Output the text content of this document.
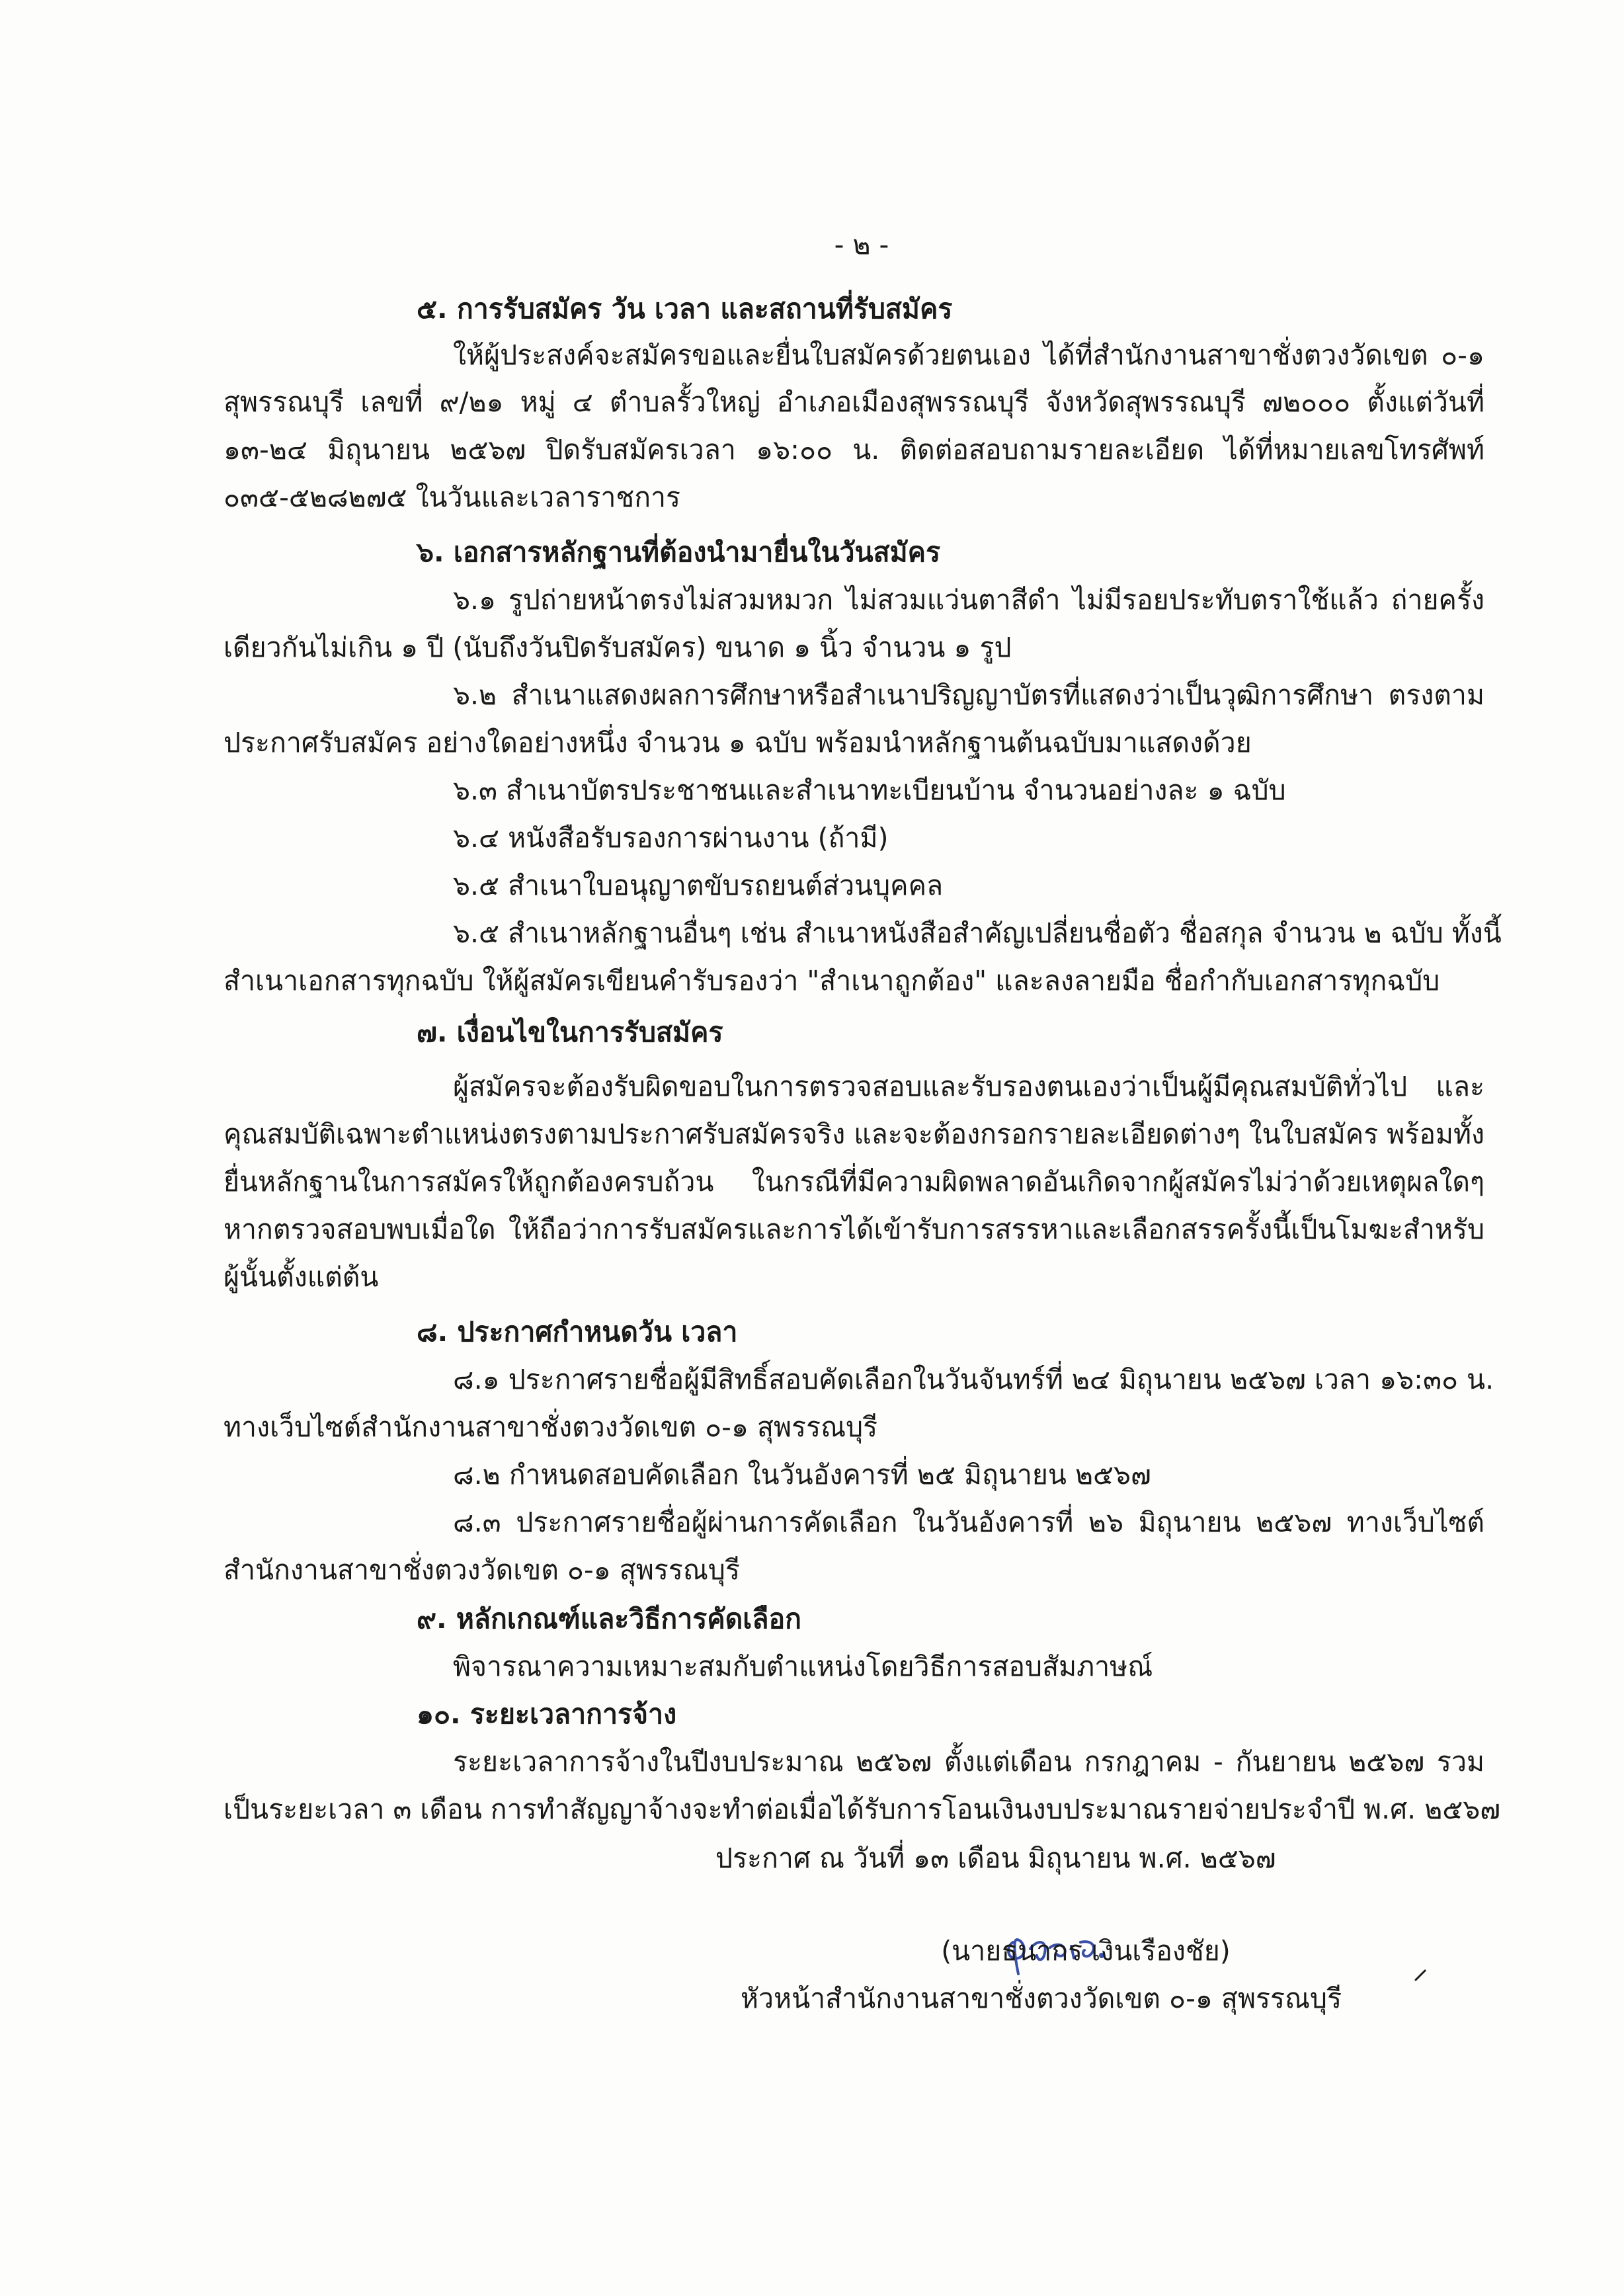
- ๒ -
๕. การรับสมัคร วัน เวลา และสถานที่รับสมัคร
ให้ผู้ประสงค์จะสมัครขอและยื่นใบสมัครด้วยตนเอง ได้ที่สำนักงานสาขาชั่งตวงวัดเขต ๐-๑
สุพรรณบุรี เลขที่ ๙/๒๑ หมู่ ๔ ตำบลรั้วใหญ่ อำเภอเมืองสุพรรณบุรี จังหวัดสุพรรณบุรี ๗๒๐๐๐ ตั้งแต่วันที่
๑๓-๒๔ มิถุนายน ๒๕๖๗ ปิดรับสมัครเวลา ๑๖:๐๐ น. ติดต่อสอบถามรายละเอียด ได้ที่หมายเลขโทรศัพท์
๐๓๕-๕๒๘๒๗๕ ในวันและเวลาราชการ
๖. เอกสารหลักฐานที่ต้องนำมายื่นในวันสมัคร
๖.๑ รูปถ่ายหน้าตรงไม่สวมหมวก ไม่สวมแว่นตาสีดำ ไม่มีรอยประทับตราใช้แล้ว ถ่ายครั้ง
เดียวกันไม่เกิน ๑ ปี (นับถึงวันปิดรับสมัคร) ขนาด ๑ นิ้ว จำนวน ๑ รูป
๖.๒ สำเนาแสดงผลการศึกษาหรือสำเนาปริญญาบัตรที่แสดงว่าเป็นวุฒิการศึกษา ตรงตาม
ประกาศรับสมัคร อย่างใดอย่างหนึ่ง จำนวน ๑ ฉบับ พร้อมนำหลักฐานต้นฉบับมาแสดงด้วย
๖.๓ สำเนาบัตรประชาชนและสำเนาทะเบียนบ้าน จำนวนอย่างละ ๑ ฉบับ
๖.๔ หนังสือรับรองการผ่านงาน (ถ้ามี)
๖.๕ สำเนาใบอนุญาตขับรถยนต์ส่วนบุคคล
๖.๕ สำเนาหลักฐานอื่นๆ เช่น สำเนาหนังสือสำคัญเปลี่ยนชื่อตัว ชื่อสกุล จำนวน ๒ ฉบับ ทั้งนี้
สำเนาเอกสารทุกฉบับ ให้ผู้สมัครเขียนคำรับรองว่า "สำเนาถูกต้อง" และลงลายมือ ชื่อกำกับเอกสารทุกฉบับ
๗. เงื่อนไขในการรับสมัคร
ผู้สมัครจะต้องรับผิดขอบในการตรวจสอบและรับรองตนเองว่าเป็นผู้มีคุณสมบัติทั่วไป และ
คุณสมบัติเฉพาะตำแหน่งตรงตามประกาศรับสมัครจริง และจะต้องกรอกรายละเอียดต่างๆ ในใบสมัคร พร้อมทั้ง
ยื่นหลักฐานในการสมัครให้ถูกต้องครบถ้วน ในกรณีที่มีความผิดพลาดอันเกิดจากผู้สมัครไม่ว่าด้วยเหตุผลใดๆ
หากตรวจสอบพบเมื่อใด ให้ถือว่าการรับสมัครและการได้เข้ารับการสรรหาและเลือกสรรครั้งนี้เป็นโมฆะสำหรับ
ผู้นั้นตั้งแต่ต้น
๘. ประกาศกำหนดวัน เวลา
๘.๑ ประกาศรายชื่อผู้มีสิทธิ์สอบคัดเลือกในวันจันทร์ที่ ๒๔ มิถุนายน ๒๕๖๗ เวลา ๑๖:๓๐ น.
ทางเว็บไซต์สำนักงานสาขาชั่งตวงวัดเขต ๐-๑ สุพรรณบุรี
๘.๒ กำหนดสอบคัดเลือก ในวันอังคารที่ ๒๕ มิถุนายน ๒๕๖๗
๘.๓ ประกาศรายชื่อผู้ผ่านการคัดเลือก ในวันอังคารที่ ๒๖ มิถุนายน ๒๕๖๗ ทางเว็บไซต์
สำนักงานสาขาชั่งตวงวัดเขต ๐-๑ สุพรรณบุรี
๙. หลักเกณฑ์และวิธีการคัดเลือก
พิจารณาความเหมาะสมกับตำแหน่งโดยวิธีการสอบสัมภาษณ์
๑๐. ระยะเวลาการจ้าง
ระยะเวลาการจ้างในปีงบประมาณ ๒๕๖๗ ตั้งแต่เดือน กรกฎาคม - กันยายน ๒๕๖๗ รวม
เป็นระยะเวลา ๓ เดือน การทำสัญญาจ้างจะทำต่อเมื่อได้รับการโอนเงินงบประมาณรายจ่ายประจำปี พ.ศ. ๒๕๖๗
ประกาศ ณ วันที่ ๑๓ เดือน มิถุนายน พ.ศ. ๒๕๖๗
(นายธนากร เงินเรืองชัย)
หัวหน้าสำนักงานสาขาชั่งตวงวัดเขต ๐-๑ สุพรรณบุรี
